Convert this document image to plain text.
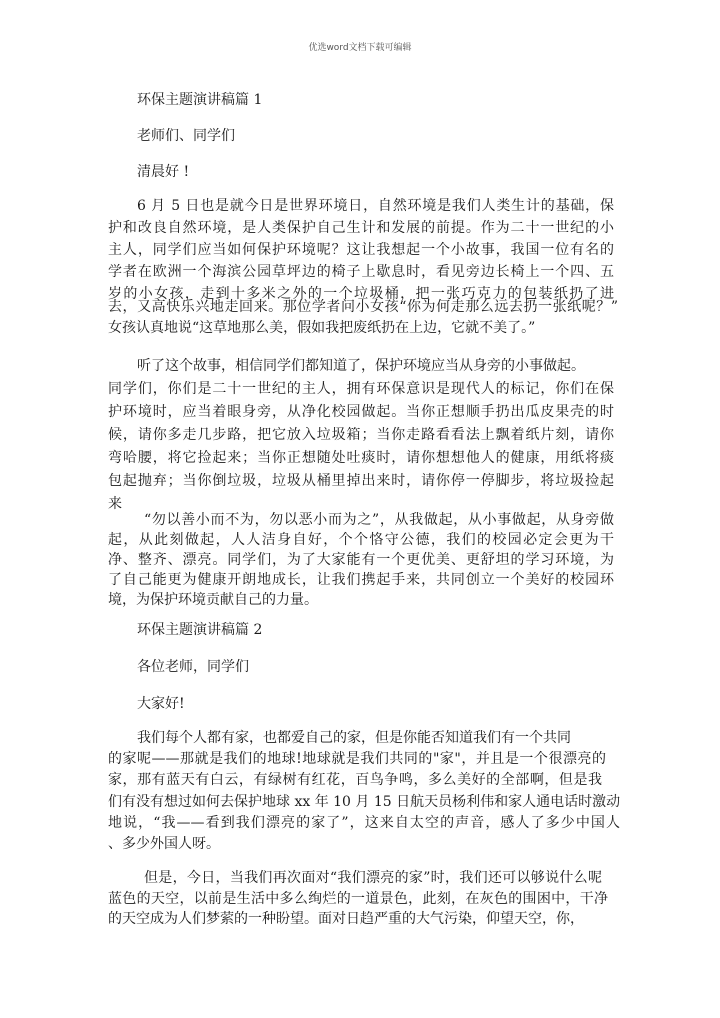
优选word文档下载可编辑
环保主题演讲稿篇 1
老师们、同学们
清晨好 !
6 月 5 日也是就今日是世界环境日，自然环境是我们人类生计的基础，保
护和改良自然环境，是人类保护自己生计和发展的前提。作为二十一世纪的小
主人，同学们应当如何保护环境呢？这让我想起一个小故事，我国一位有名的
学者在欧洲一个海滨公园草坪边的椅子上歇息时，看见旁边长椅上一个四、五
岁的小女孩，走到十多米之外的一个垃圾桶，把一张巧克力的包装纸扔了进
去，又高快乐兴地走回来。那位学者问小女孩“你为何走那么远去扔一张纸呢？”
女孩认真地说“这草地那么美，假如我把废纸扔在上边，它就不美了。”
听了这个故事，相信同学们都知道了，保护环境应当从身旁的小事做起。
同学们，你们是二十一世纪的主人，拥有环保意识是现代人的标记，你们在保
护环境时，应当着眼身旁，从净化校园做起。当你正想顺手扔出瓜皮果壳的时
候，请你多走几步路，把它放入垃圾箱；当你走路看看法上飘着纸片刻，请你
弯哈腰，将它捡起来；当你正想随处吐痰时，请你想想他人的健康，用纸将痰
包起抛弃；当你倒垃圾，垃圾从桶里掉出来时，请你停一停脚步，将垃圾捡起
来
“勿以善小而不为，勿以恶小而为之”，从我做起，从小事做起，从身旁做
起，从此刻做起，人人洁身自好，个个恪守公德，我们的校园必定会更为干
净、整齐、漂亮。同学们，为了大家能有一个更优美、更舒坦的学习环境，为
了自己能更为健康开朗地成长，让我们携起手来，共同创立一个美好的校园环
境，为保护环境贡献自己的力量。
环保主题演讲稿篇 2
各位老师，同学们
大家好!
我们每个人都有家，也都爱自己的家，但是你能否知道我们有一个共同
的家呢——那就是我们的地球!地球就是我们共同的"家"，并且是一个很漂亮的
家，那有蓝天有白云，有绿树有红花，百鸟争鸣，多么美好的全部啊，但是我
们有没有想过如何去保护地球 xx 年 10 月 15 日航天员杨利伟和家人通电话时激动
地说，“我——看到我们漂亮的家了”，这来自太空的声音，感人了多少中国人
、多少外国人呀。
但是，今日，当我们再次面对“我们漂亮的家”时，我们还可以够说什么呢
蓝色的天空，以前是生活中多么绚烂的一道景色，此刻，在灰色的围困中，干净
的天空成为人们梦萦的一种盼望。面对日趋严重的大气污染，仰望天空，你，
